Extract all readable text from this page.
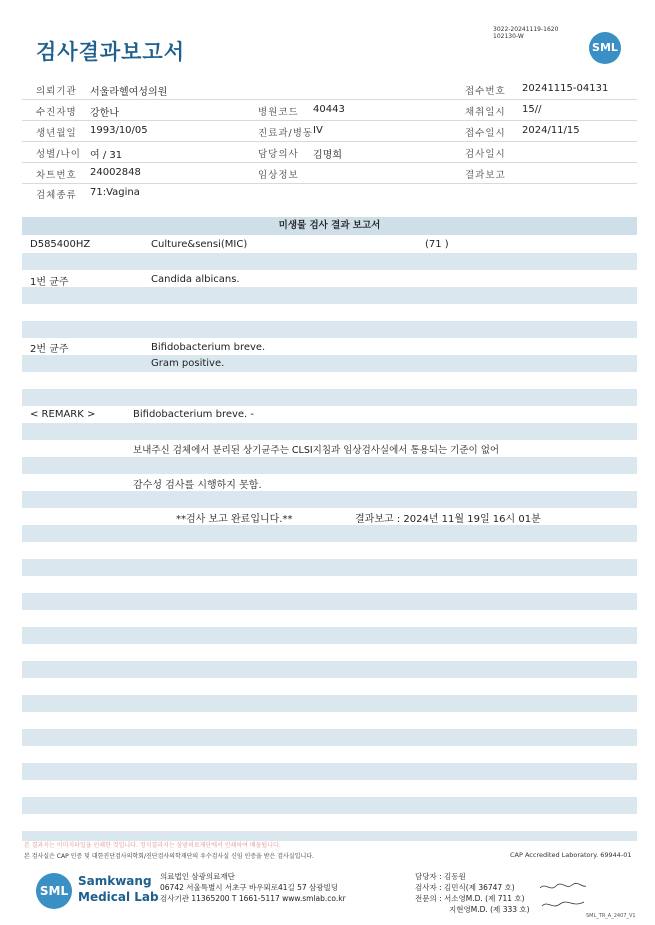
검사결과보고서
3022-20241119-1620
102130-W
SML
의뢰기관 서울라헬여성의원	접수번호 20241115-04131
수진자명 강한나	병원코드 40443	채취일시 15//
생년월일 1993/10/05	진료과/병동 IV	접수일시 2024/11/15
성별/나이 여 / 31	담당의사 김명희	검사일시
차트번호 24002848	임상정보	결과보고
검체종류 71:Vagina
미생물 검사 결과 보고서
D585400HZ	Culture&sensi(MIC)	(71 )
1번 균주	Candida albicans.
2번 균주	Bifidobacterium breve.
Gram positive.
< REMARK >	Bifidobacterium breve. -
보내주신 검체에서 분리된 상기균주는 CLSI지침과 임상검사실에서 통용되는 기준이 없어
감수성 검사를 시행하지 못함.
**검사 보고 완료입니다.**	결과보고 : 2024년 11월 19일 16시 01분
본 결과지는 이미지파일을 인쇄한 것입니다. 정식결과지는 삼광의료재단에서 인쇄하여 배돌됩니다.
본 검사실은 CAP 인증 및 대한진단검사의학회/진단검사의학재단의 우수검사실 신임 인증을 받은 검사실입니다.	CAP Accredited Laboratory. 69944-01
SML
Samkwang
Medical Lab
의료법인 삼광의료재단
06742 서울특별시 서초구 바우뫼로41길 57 삼광빌딩
검사기관 11365200 T 1661-5117 www.smlab.co.kr
담당자 : 김동원
검사자 : 김민식(제 36747 호)
전문의 : 서소영M.D. (제 711 호)
지현영M.D. (제 333 호)
SML_TR_A_2407_V1
